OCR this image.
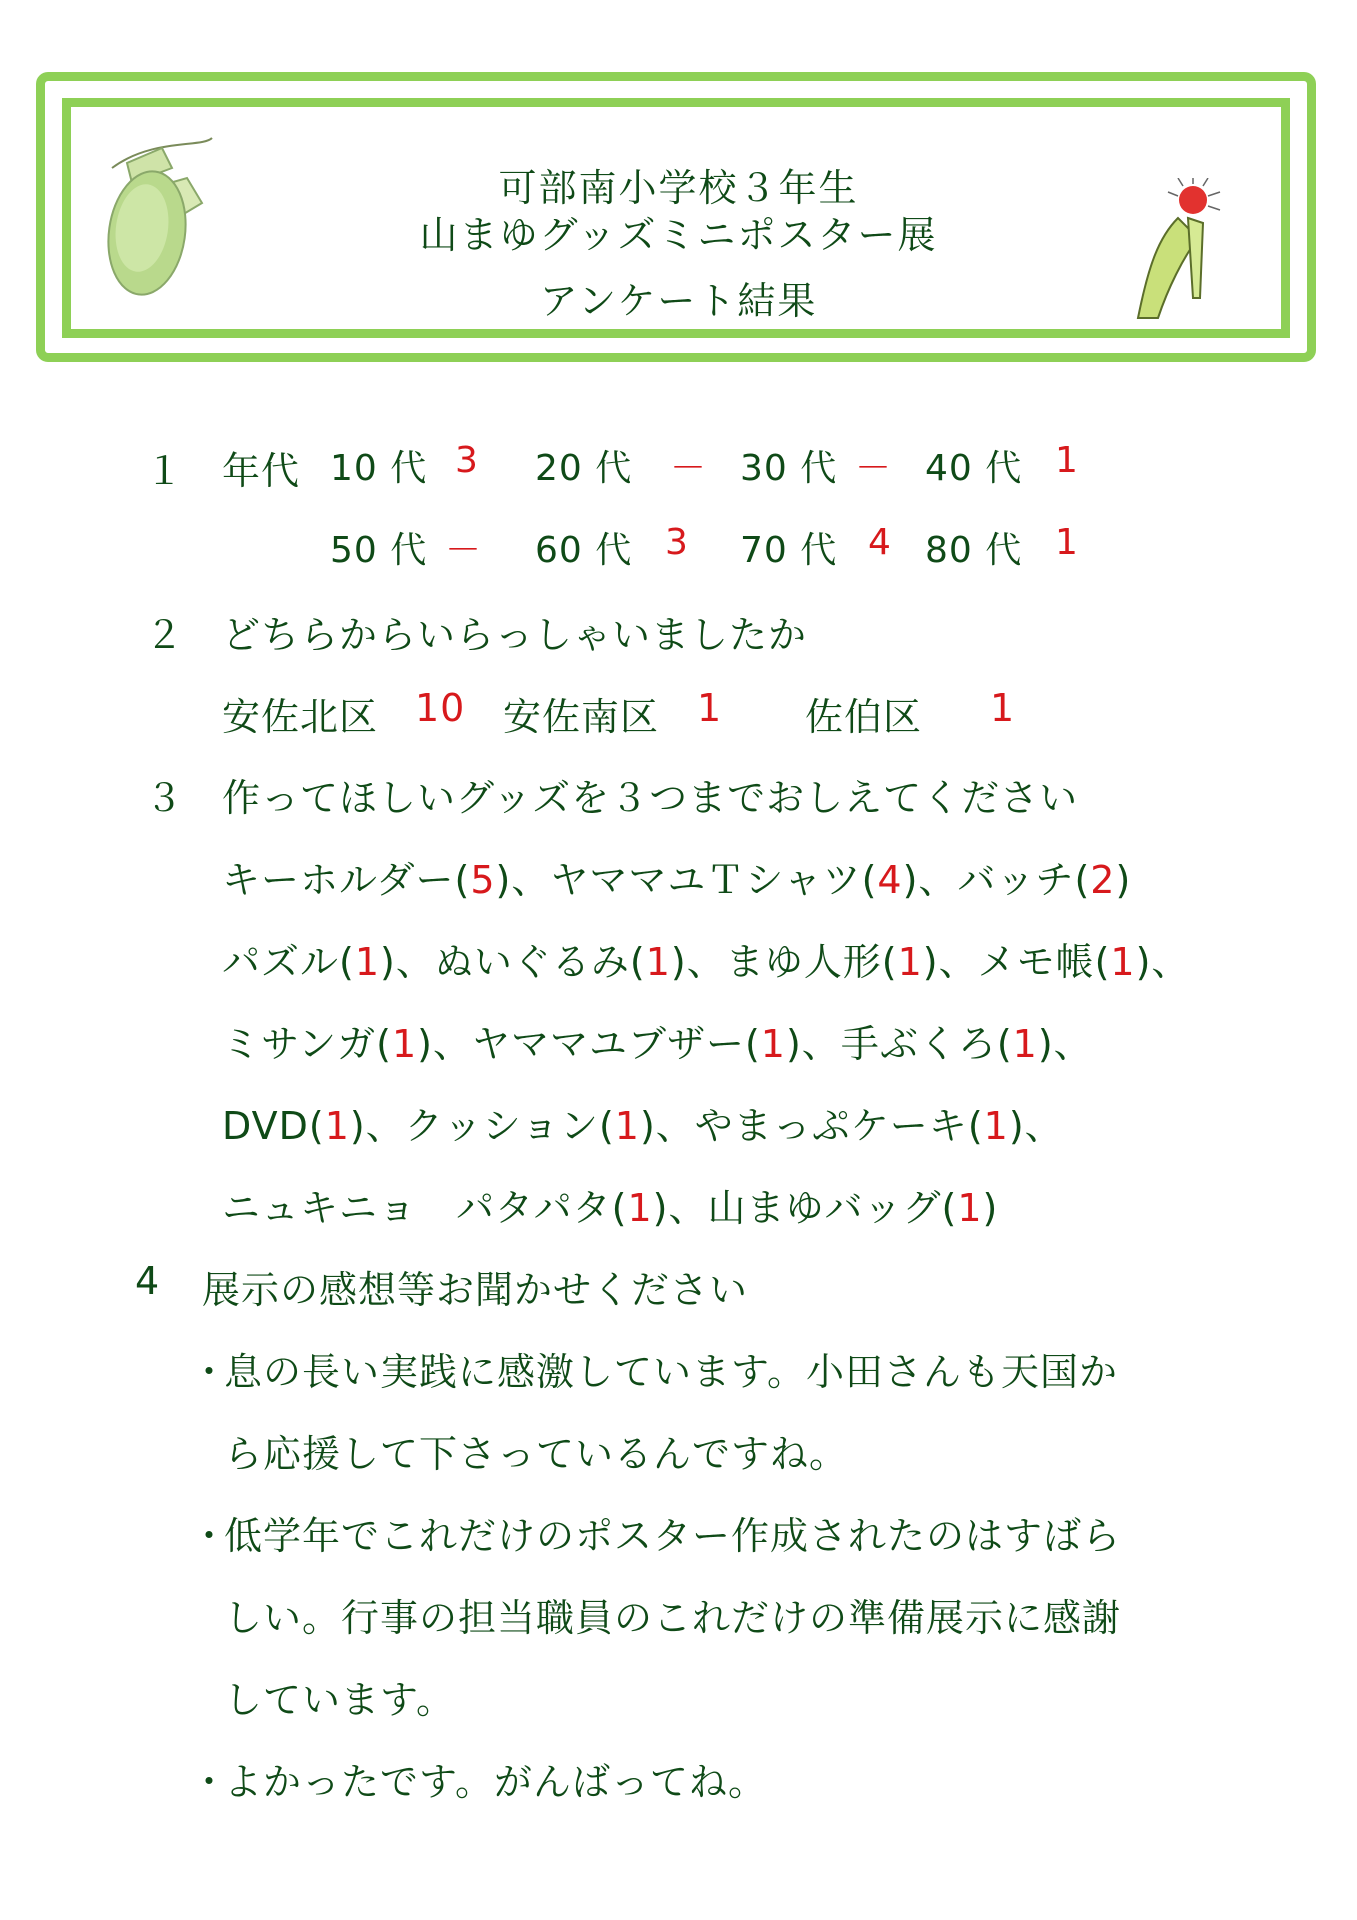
可部南小学校３年生
山まゆグッズミニポスター展
アンケート結果
１ 年代 10 代 3 20 代 － 30 代 － 40 代 1
50 代 － 60 代 3 70 代 4 80 代 1
２ どちらからいらっしゃいましたか
安佐北区 10 安佐南区 1 佐伯区 1
３ 作ってほしいグッズを３つまでおしえてください
キーホルダー(5)、ヤママユＴシャツ(4)、バッチ(2)
パズル(1)、ぬいぐるみ(1)、まゆ人形(1)、メモ帳(1)、
ミサンガ(1)、ヤママユブザー(1)、手ぶくろ(1)、
DVD(1)、クッション(1)、やまっぷケーキ(1)、
ニュキニョ　パタパタ(1)、山まゆバッグ(1)
4 展示の感想等お聞かせください
・
息の長い実践に感激しています。小田さんも天国か
ら応援して下さっているんですね。
・
低学年でこれだけのポスター作成されたのはすばら
しい。行事の担当職員のこれだけの準備展示に感謝
しています。
・
よかったです。がんばってね。
